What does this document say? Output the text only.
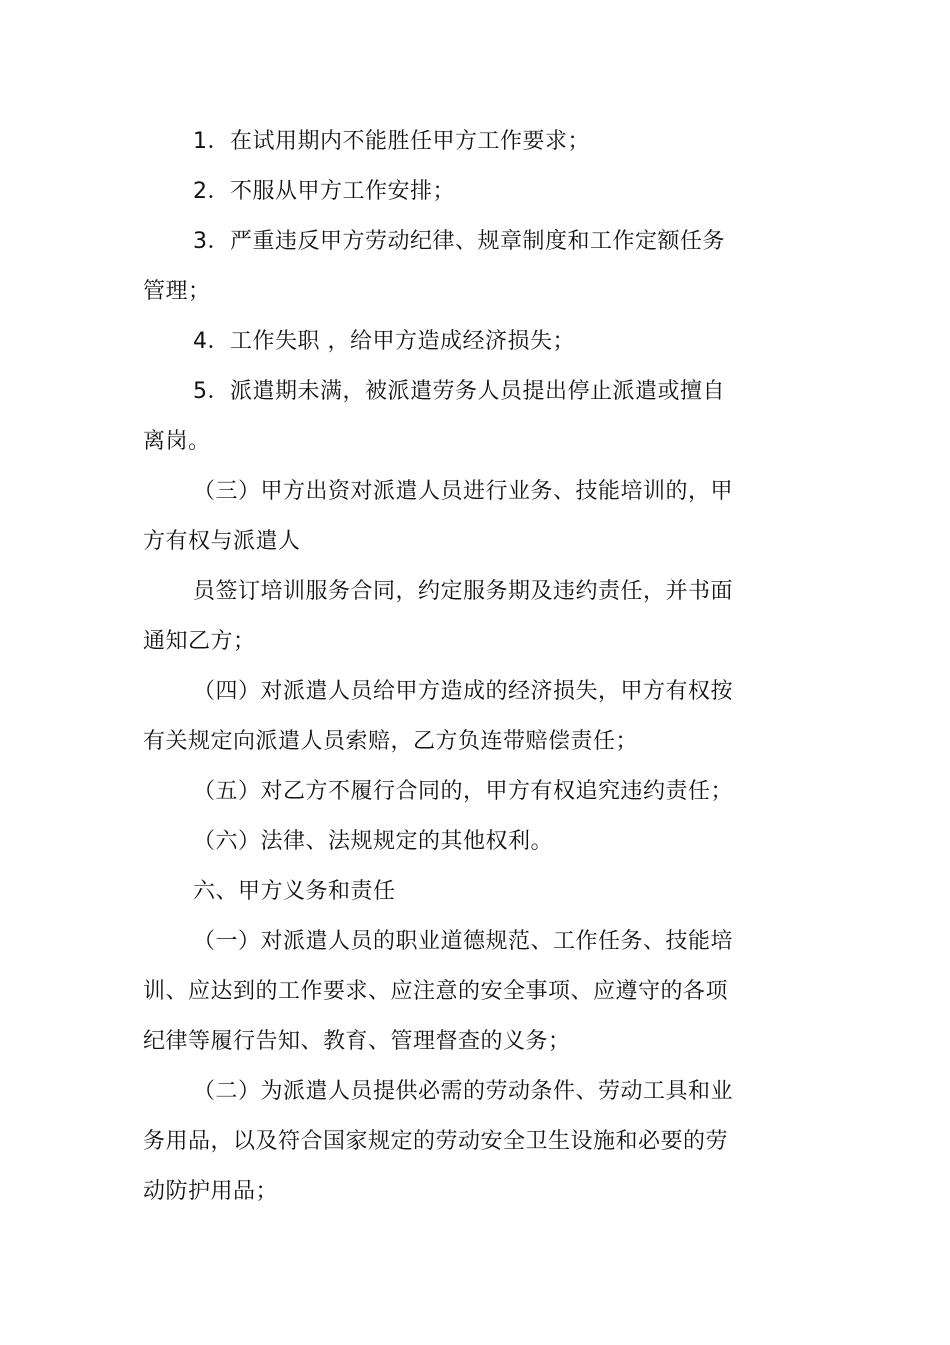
1．在试用期内不能胜任甲方工作要求；
2．不服从甲方工作安排；
3．严重违反甲方劳动纪律、规章制度和工作定额任务
管理；
4．工作失职 ，给甲方造成经济损失；
5．派遣期未满，被派遣劳务人员提出停止派遣或擅自
离岗。
（三）甲方出资对派遣人员进行业务、技能培训的，甲
方有权与派遣人
员签订培训服务合同，约定服务期及违约责任，并书面
通知乙方；
（四）对派遣人员给甲方造成的经济损失，甲方有权按
有关规定向派遣人员索赔，乙方负连带赔偿责任；
（五）对乙方不履行合同的，甲方有权追究违约责任；
（六）法律、法规规定的其他权利。
六、甲方义务和责任
（一）对派遣人员的职业道德规范、工作任务、技能培
训、应达到的工作要求、应注意的安全事项、应遵守的各项
纪律等履行告知、教育、管理督查的义务；
（二）为派遣人员提供必需的劳动条件、劳动工具和业
务用品，以及符合国家规定的劳动安全卫生设施和必要的劳
动防护用品；
